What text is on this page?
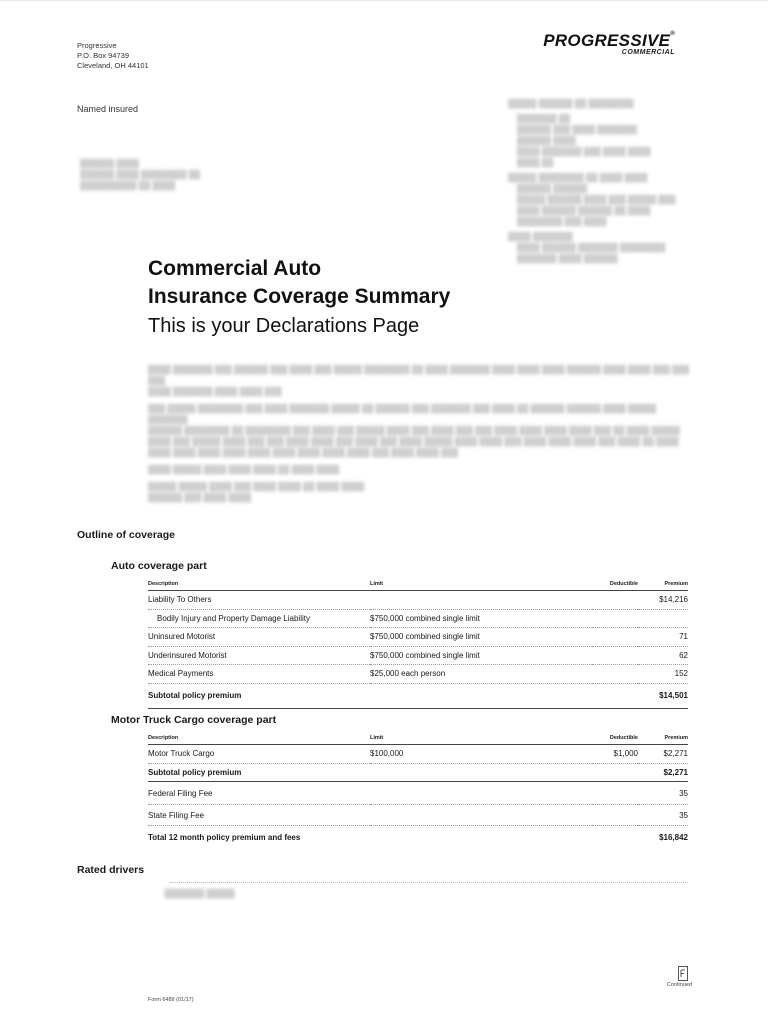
Progressive
P.O. Box 94739
Cleveland, OH 44101
PROGRESSIVE®
COMMERCIAL
Named insured
██████ ████
██████ ████ ████████ ██
██████████ ██ ████

█████ ██████ ██ ████████

███████ ██
██████ ███ ████ ███████
██████ ████
████ ███████ ███ ████ ████
████ ██

█████ ████████ ██ ████ ████
██████ ██████
█████ ██████ ████ ███ █████ ███
████ ██████ ██████ ██ ████
████████ ███ ████

████ ███████
████ ██████ ███████ ████████
███████ ████ ██████

Commercial Auto
Insurance Coverage Summary
This is your Declarations Page

████ ███████ ███ ██████ ███ ████ ███ █████ ████████ ██ ████ ███████ ████ ████ ████ ██████ ████ ████ ███ ███ ███
████ ███████ ████ ████ ███

███ █████ ████████ ███ ████ ███████ █████ ██ ██████ ███ ███████ ███ ████ ██ ██████ ██████ ████ █████ ███████
██████ ████████ ██ ████████ ███ ████ ███ █████ ████ ███ ████ ███ ███ ████ ████ ████ ████ ███ ██ ████ █████
████ ███ █████ ████ ███ ███ ████ ████ ███ ████ ███ ████ █████ ████ ████ ███ ████ ████ ████ ███ ████ ██ ████
████ ████ ████ ████ ████ ████ ████ ████ ████ ███ ████ ████ ███

████ █████ ████ ████ ████ ██ ████ ████

█████ █████ ████ ███ ████ ████ ██ ████ ████
██████ ███ ████ ████

Outline of coverage
Auto coverage part
Description	Limit	Deductible	Premium
Liability To Others			$14,216
Bodily Injury and Property Damage Liability	$750,000 combined single limit		
Uninsured Motorist	$750,000 combined single limit		71
Underinsured Motorist	$750,000 combined single limit		62
Medical Payments	$25,000 each person		152
Subtotal policy premium			$14,501
Motor Truck Cargo coverage part
Description	Limit	Deductible	Premium
Motor Truck Cargo	$100,000	$1,000	$2,271
Subtotal policy premium			$2,271
Federal Filing Fee			35
State Filing Fee			35
Total 12 month policy premium and fees			$16,842
Rated drivers
███████ █████
Form 6489 (01/17)
Continued
